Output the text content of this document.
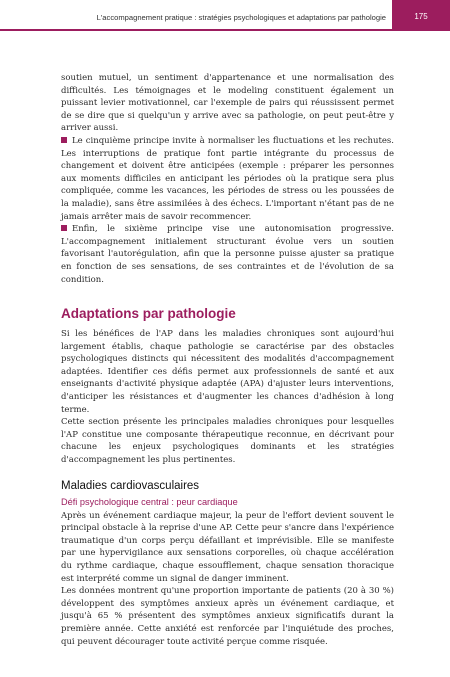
L'accompagnement pratique : stratégies psychologiques et adaptations par pathologie	175

soutien mutuel, un sentiment d'appartenance et une normalisation des difficultés. Les témoignages et le modeling constituent également un puissant levier motivationnel, car l'exemple de pairs qui réussissent permet de se dire que si quelqu'un y arrive avec sa pathologie, on peut peut-être y arriver aussi.

Le cinquième principe invite à normaliser les fluctuations et les rechutes. Les interruptions de pratique font partie intégrante du processus de changement et doivent être anticipées (exemple : préparer les personnes aux moments difficiles en anticipant les périodes où la pratique sera plus compliquée, comme les vacances, les périodes de stress ou les poussées de la maladie), sans être assimilées à des échecs. L'important n'étant pas de ne jamais arrêter mais de savoir recommencer.

Enfin, le sixième principe vise une autonomisation progressive. L'accompagnement initialement structurant évolue vers un soutien favorisant l'autorégulation, afin que la personne puisse ajuster sa pratique en fonction de ses sensations, de ses contraintes et de l'évolution de sa condition.

Adaptations par pathologie

Si les bénéfices de l'AP dans les maladies chroniques sont aujourd'hui largement établis, chaque pathologie se caractérise par des obstacles psychologiques distincts qui nécessitent des modalités d'accompagnement adaptées. Identifier ces défis permet aux professionnels de santé et aux enseignants d'activité physique adaptée (APA) d'ajuster leurs interventions, d'anticiper les résistances et d'augmenter les chances d'adhésion à long terme.

Cette section présente les principales maladies chroniques pour lesquelles l'AP constitue une composante thérapeutique reconnue, en décrivant pour chacune les enjeux psychologiques dominants et les stratégies d'accompagnement les plus pertinentes.

Maladies cardiovasculaires
Défi psychologique central : peur cardiaque

Après un événement cardiaque majeur, la peur de l'effort devient souvent le principal obstacle à la reprise d'une AP. Cette peur s'ancre dans l'expérience traumatique d'un corps perçu défaillant et imprévisible. Elle se manifeste par une hypervigilance aux sensations corporelles, où chaque accélération du rythme cardiaque, chaque essoufflement, chaque sensation thoracique est interprété comme un signal de danger imminent.

Les données montrent qu'une proportion importante de patients (20 à 30 %) développent des symptômes anxieux après un événement cardiaque, et jusqu'à 65 % présentent des symptômes anxieux significatifs durant la première année. Cette anxiété est renforcée par l'inquiétude des proches, qui peuvent décourager toute activité perçue comme risquée.
